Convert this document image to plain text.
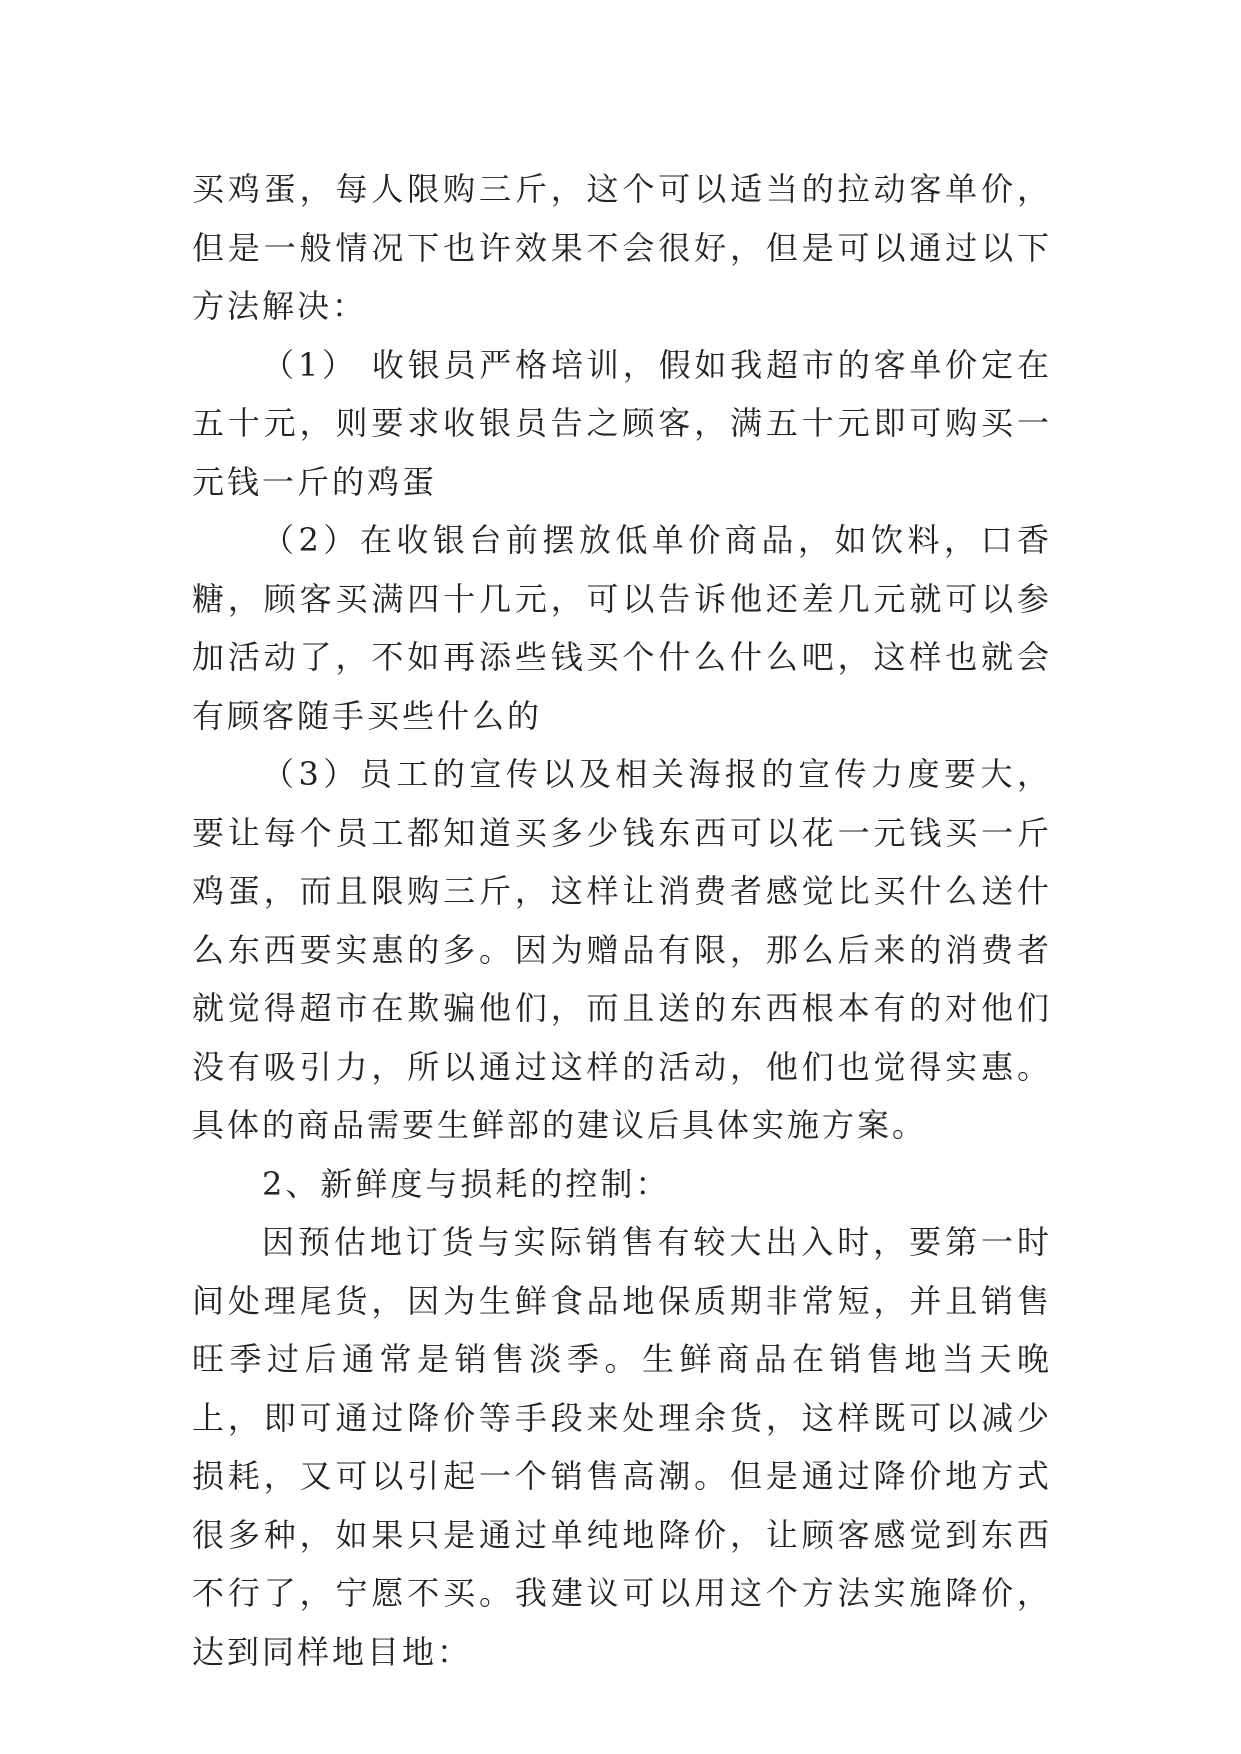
买鸡蛋，每人限购三斤，这个可以适当的拉动客单价，但是一般情况下也许效果不会很好，但是可以通过以下方法解决：

（1） 收银员严格培训，假如我超市的客单价定在五十元，则要求收银员告之顾客，满五十元即可购买一元钱一斤的鸡蛋

（2）在收银台前摆放低单价商品，如饮料，口香糖，顾客买满四十几元，可以告诉他还差几元就可以参加活动了，不如再添些钱买个什么什么吧，这样也就会有顾客随手买些什么的

（3）员工的宣传以及相关海报的宣传力度要大，要让每个员工都知道买多少钱东西可以花一元钱买一斤鸡蛋，而且限购三斤，这样让消费者感觉比买什么送什么东西要实惠的多。因为赠品有限，那么后来的消费者就觉得超市在欺骗他们，而且送的东西根本有的对他们没有吸引力，所以通过这样的活动，他们也觉得实惠。具体的商品需要生鲜部的建议后具体实施方案。

2、新鲜度与损耗的控制：

因预估地订货与实际销售有较大出入时，要第一时间处理尾货，因为生鲜食品地保质期非常短，并且销售旺季过后通常是销售淡季。生鲜商品在销售地当天晚上，即可通过降价等手段来处理余货，这样既可以减少损耗，又可以引起一个销售高潮。但是通过降价地方式很多种，如果只是通过单纯地降价，让顾客感觉到东西不行了，宁愿不买。我建议可以用这个方法实施降价，达到同样地目地：
